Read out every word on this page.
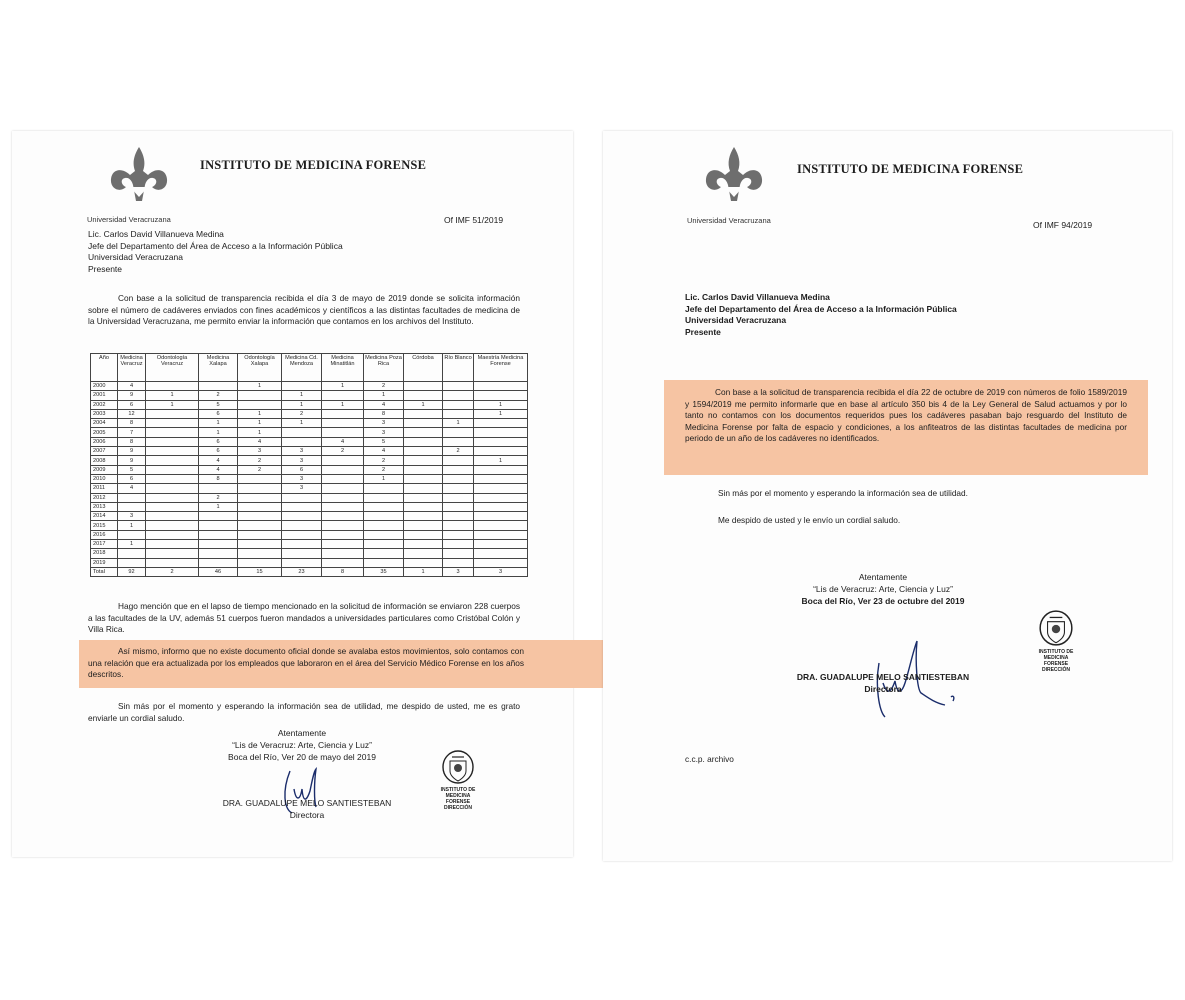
Universidad Veracruzana
INSTITUTO DE MEDICINA FORENSE
Of IMF 51/2019
Lic. Carlos David Villanueva Medina
Jefe del Departamento del Área de Acceso a la Información Pública
Universidad Veracruzana
Presente
Con base a la solicitud de transparencia recibida el día 3 de mayo de 2019 donde se solicita información sobre el número de cadáveres enviados con fines académicos y científicos a las distintas facultades de medicina de la Universidad Veracruzana, me permito enviar la información que contamos en los archivos del Instituto.
Año	Medicina Veracruz	Odontología Veracruz	Medicina Xalapa	Odontología Xalapa	Medicina Cd. Mendoza	Medicina Minatitlán	Medicina Poza Rica	Córdoba	Río Blanco	Maestría Medicina Forense
2000	4			1		1	2			
2001	9	1	2		1		1			
2002	6	1	5		1	1	4	1		1
2003	12		6	1	2		8			1
2004	8		1	1	1		3		1	
2005	7		1	1			3			
2006	8		6	4		4	5			
2007	9		6	3	3	2	4		2	
2008	9		4	2	3		2			1
2009	5		4	2	6		2			
2010	6		8		3		1			
2011	4				3					
2012			2							
2013			1							
2014	3									
2015	1									
2016										
2017	1									
2018										
2019										
Total	92	2	46	15	23	8	35	1	3	3
Hago mención que en el lapso de tiempo mencionado en la solicitud de información se enviaron 228 cuerpos a las facultades de la UV, además 51 cuerpos fueron mandados a universidades particulares como Cristóbal Colón y Villa Rica.
Así mismo, informo que no existe documento oficial donde se avalaba estos movimientos, solo contamos con una relación que era actualizada por los empleados que laboraron en el área del Servicio Médico Forense en los años descritos.
Sin más por el momento y esperando la información sea de utilidad, me despido de usted, me es grato enviarle un cordial saludo.
Atentamente
“Lis de Veracruz: Arte, Ciencia y Luz”
Boca del Río, Ver 20 de mayo del 2019
DRA. GUADALUPE MELO SANTIESTEBAN
Directora
INSTITUTO DE
MEDICINA
FORENSE
DIRECCIÓN
Universidad Veracruzana
INSTITUTO DE MEDICINA FORENSE
Of IMF 94/2019
Lic. Carlos David Villanueva Medina
Jefe del Departamento del Área de Acceso a la Información Pública
Universidad Veracruzana
Presente
Con base a la solicitud de transparencia recibida el día 22 de octubre de 2019 con números de folio 1589/2019 y 1594/2019 me permito informarle que en base al artículo 350 bis 4 de la Ley General de Salud actuamos y por lo tanto no contamos con los documentos requeridos pues los cadáveres pasaban bajo resguardo del Instituto de Medicina Forense por falta de espacio y condiciones, a los anfiteatros de las distintas facultades de medicina por periodo de un año de los cadáveres no identificados.
Sin más por el momento y esperando la información sea de utilidad.
Me despido de usted y le envío un cordial saludo.
Atentamente
“Lis de Veracruz: Arte, Ciencia y Luz”
Boca del Río, Ver 23 de octubre del 2019
DRA. GUADALUPE MELO SANTIESTEBAN
Directora
c.c.p. archivo
INSTITUTO DE
MEDICINA
FORENSE
DIRECCIÓN
